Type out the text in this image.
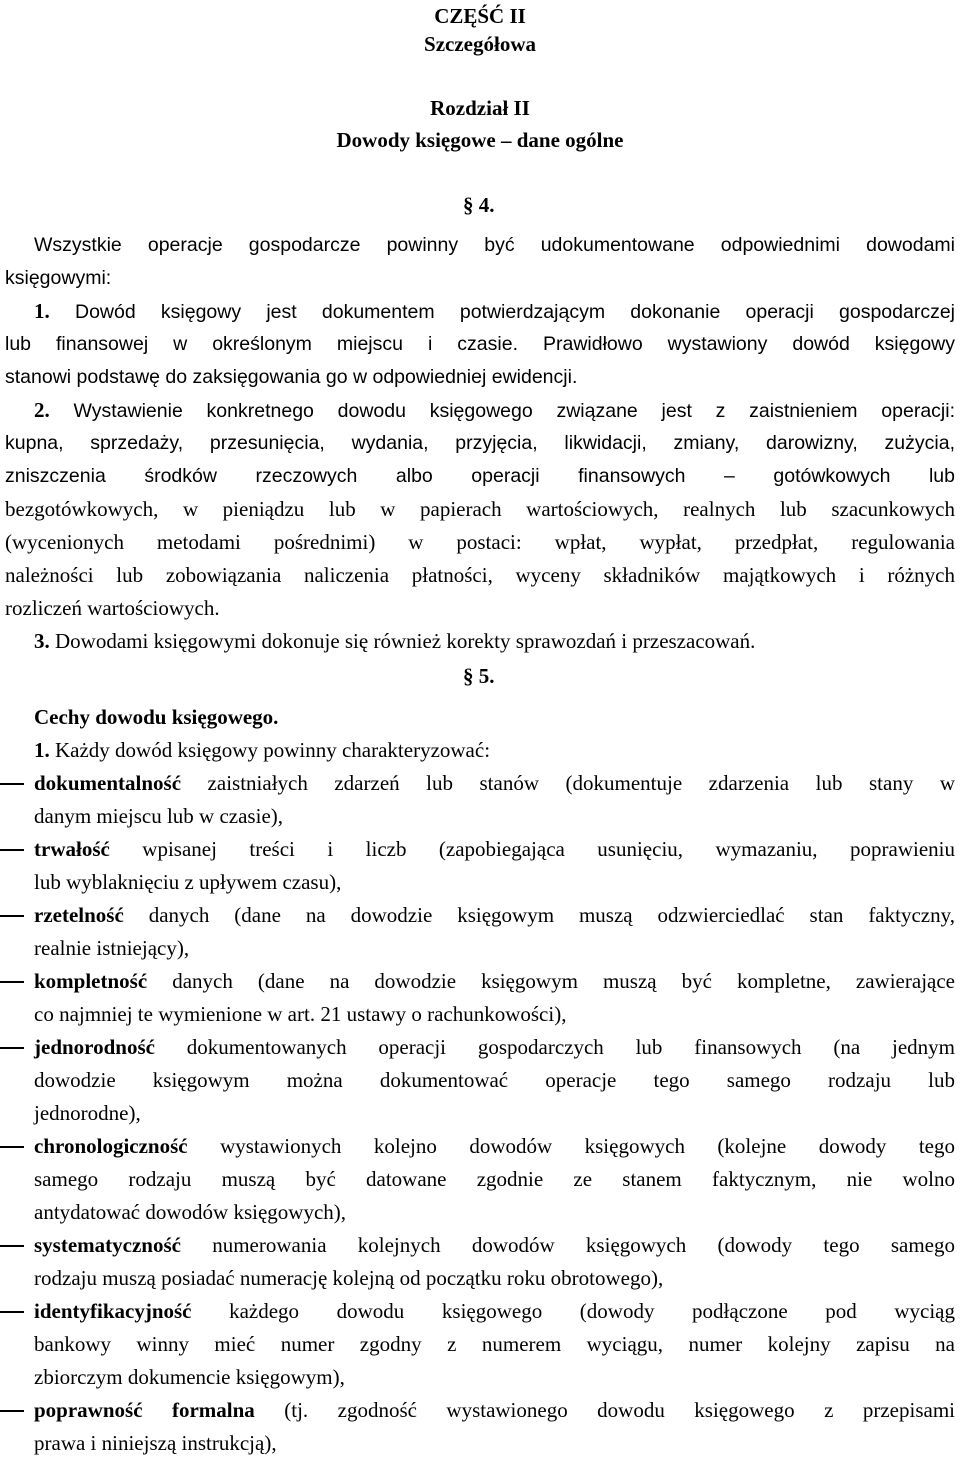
CZĘŚĆ II
Szczegółowa
Rozdział II
Dowody księgowe – dane ogólne
§ 4.
Wszystkie operacje gospodarcze powinny być udokumentowane odpowiednimi dowodami
księgowymi:
1. Dowód księgowy jest dokumentem potwierdzającym dokonanie operacji gospodarczej
lub finansowej w określonym miejscu i czasie. Prawidłowo wystawiony dowód księgowy
stanowi podstawę do zaksięgowania go w odpowiedniej ewidencji.
2. Wystawienie konkretnego dowodu księgowego związane jest z zaistnieniem operacji:
kupna, sprzedaży, przesunięcia, wydania, przyjęcia, likwidacji, zmiany, darowizny, zużycia,
zniszczenia środków rzeczowych albo operacji finansowych – gotówkowych lub
bezgotówkowych, w pieniądzu lub w papierach wartościowych, realnych lub szacunkowych
(wycenionych metodami pośrednimi) w postaci: wpłat, wypłat, przedpłat, regulowania
należności lub zobowiązania naliczenia płatności, wyceny składników majątkowych i różnych
rozliczeń wartościowych.
3. Dowodami księgowymi dokonuje się również korekty sprawozdań i przeszacowań.
§ 5.
Cechy dowodu księgowego.
1. Każdy dowód księgowy powinny charakteryzować:
dokumentalność zaistniałych zdarzeń lub stanów (dokumentuje zdarzenia lub stany w
danym miejscu lub w czasie),
trwałość wpisanej treści i liczb (zapobiegająca usunięciu, wymazaniu, poprawieniu
lub wyblaknięciu z upływem czasu),
rzetelność danych (dane na dowodzie księgowym muszą odzwierciedlać stan faktyczny,
realnie istniejący),
kompletność danych (dane na dowodzie księgowym muszą być kompletne, zawierające
co najmniej te wymienione w art. 21 ustawy o rachunkowości),
jednorodność dokumentowanych operacji gospodarczych lub finansowych (na jednym
dowodzie księgowym można dokumentować operacje tego samego rodzaju lub
jednorodne),
chronologiczność wystawionych kolejno dowodów księgowych (kolejne dowody tego
samego rodzaju muszą być datowane zgodnie ze stanem faktycznym, nie wolno
antydatować dowodów księgowych),
systematyczność numerowania kolejnych dowodów księgowych (dowody tego samego
rodzaju muszą posiadać numerację kolejną od początku roku obrotowego),
identyfikacyjność każdego dowodu księgowego (dowody podłączone pod wyciąg
bankowy winny mieć numer zgodny z numerem wyciągu, numer kolejny zapisu na
zbiorczym dokumencie księgowym),
poprawność formalna (tj. zgodność wystawionego dowodu księgowego z przepisami
prawa i niniejszą instrukcją),
